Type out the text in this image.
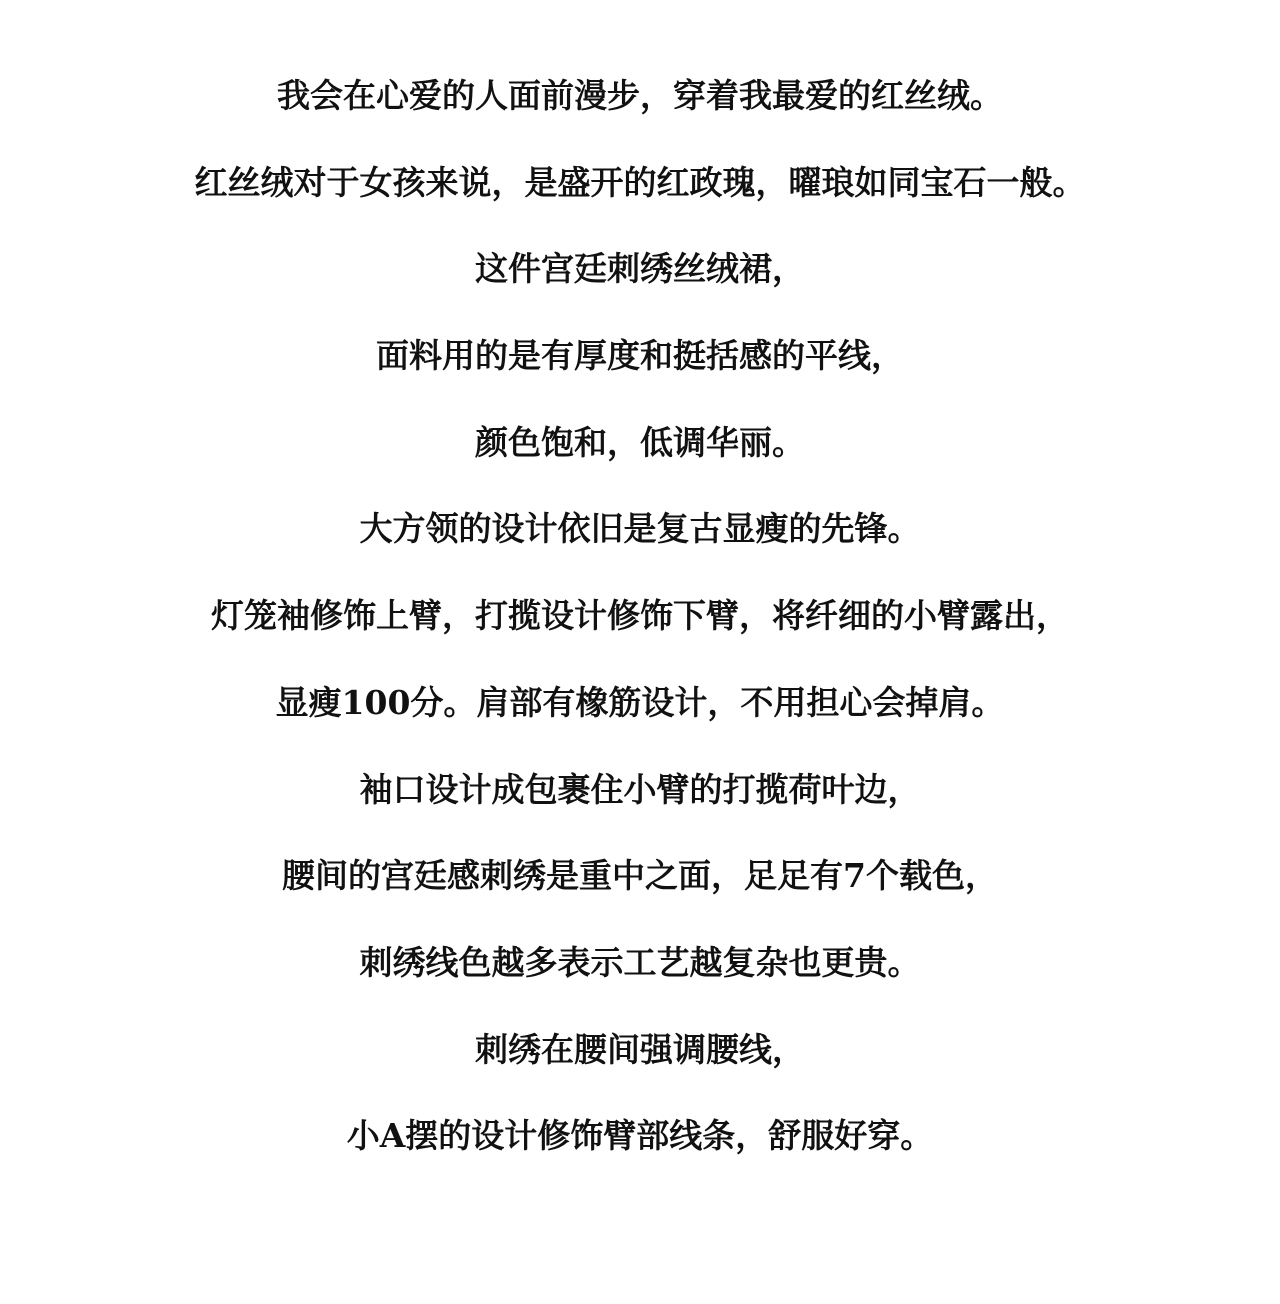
我会在心爱的人面前漫步，穿着我最爱的红丝绒。
红丝绒对于女孩来说，是盛开的红政瑰，曜琅如同宝石一般。
这件宫廷刺绣丝绒裙，
面料用的是有厚度和挺括感的平线，
颜色饱和，低调华丽。
大方领的设计依旧是复古显瘦的先锋。
灯笼袖修饰上臂，打揽设计修饰下臂，将纤细的小臂露出，
显瘦100分。肩部有橡筋设计，不用担心会掉肩。
袖口设计成包裹住小臂的打揽荷叶边，
腰间的宫廷感刺绣是重中之面，足足有7个载色，
刺绣线色越多表示工艺越复杂也更贵。
刺绣在腰间强调腰线，
小A摆的设计修饰臂部线条，舒服好穿。
